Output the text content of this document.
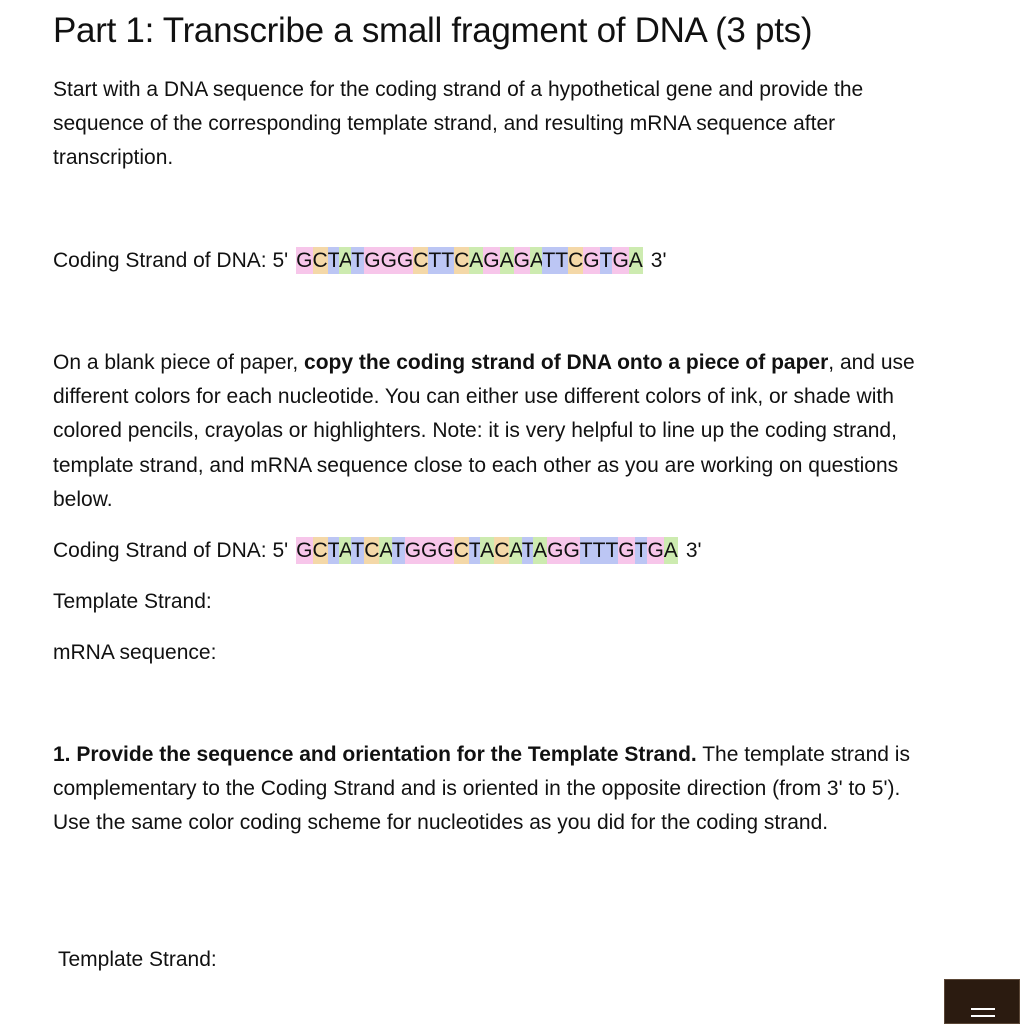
Part 1: Transcribe a small fragment of DNA (3 pts)

Start with a DNA sequence for the coding strand of a hypothetical gene and provide the sequence of the corresponding template strand, and resulting mRNA sequence after transcription.

Coding Strand of DNA: 5' GCTATGGGCTTCAGAGATTCGTGA 3'

On a blank piece of paper, copy the coding strand of DNA onto a piece of paper, and use different colors for each nucleotide. You can either use different colors of ink, or shade with colored pencils, crayolas or highlighters. Note: it is very helpful to line up the coding strand, template strand, and mRNA sequence close to each other as you are working on questions below.

Coding Strand of DNA: 5' GCTATCATGGGCTACATAGGTTTGTGA 3'

Template Strand:

mRNA sequence:

1. Provide the sequence and orientation for the Template Strand. The template strand is complementary to the Coding Strand and is oriented in the opposite direction (from 3' to 5'). Use the same color coding scheme for nucleotides as you did for the coding strand.

Template Strand:
